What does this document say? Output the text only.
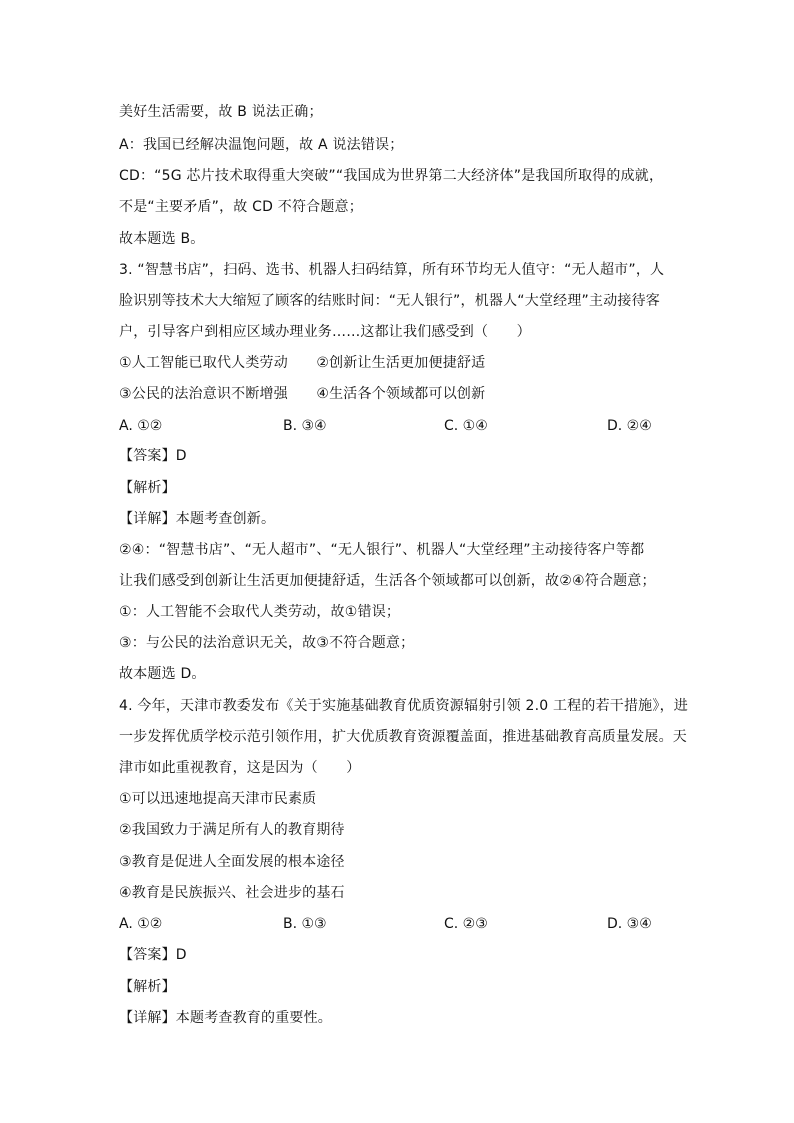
美好生活需要，故 B 说法正确；
A：我国已经解决温饱问题，故 A 说法错误；
CD：“5G 芯片技术取得重大突破”“我国成为世界第二大经济体”是我国所取得的成就，
不是“主要矛盾”，故 CD 不符合题意；
故本题选 B。
3. “智慧书店”，扫码、选书、机器人扫码结算，所有环节均无人值守：“无人超市”，人
脸识别等技术大大缩短了顾客的结账时间：“无人银行”，机器人“大堂经理”主动接待客
户，引导客户到相应区域办理业务……这都让我们感受到（　　）
①人工智能已取代人类劳动　　②创新让生活更加便捷舒适
③公民的法治意识不断增强　　④生活各个领域都可以创新
A. ①②	B. ③④	C. ①④	D. ②④
【答案】D
【解析】
【详解】本题考查创新。
②④：“智慧书店”、“无人超市”、“无人银行”、机器人“大堂经理”主动接待客户等都
让我们感受到创新让生活更加便捷舒适，生活各个领域都可以创新，故②④符合题意；
①：人工智能不会取代人类劳动，故①错误；
③：与公民的法治意识无关，故③不符合题意；
故本题选 D。
4. 今年，天津市教委发布《关于实施基础教育优质资源辐射引领 2.0 工程的若干措施》，进
一步发挥优质学校示范引领作用，扩大优质教育资源覆盖面，推进基础教育高质量发展。天
津市如此重视教育，这是因为（　　）
①可以迅速地提高天津市民素质
②我国致力于满足所有人的教育期待
③教育是促进人全面发展的根本途径
④教育是民族振兴、社会进步的基石
A. ①②	B. ①③	C. ②③	D. ③④
【答案】D
【解析】
【详解】本题考查教育的重要性。
